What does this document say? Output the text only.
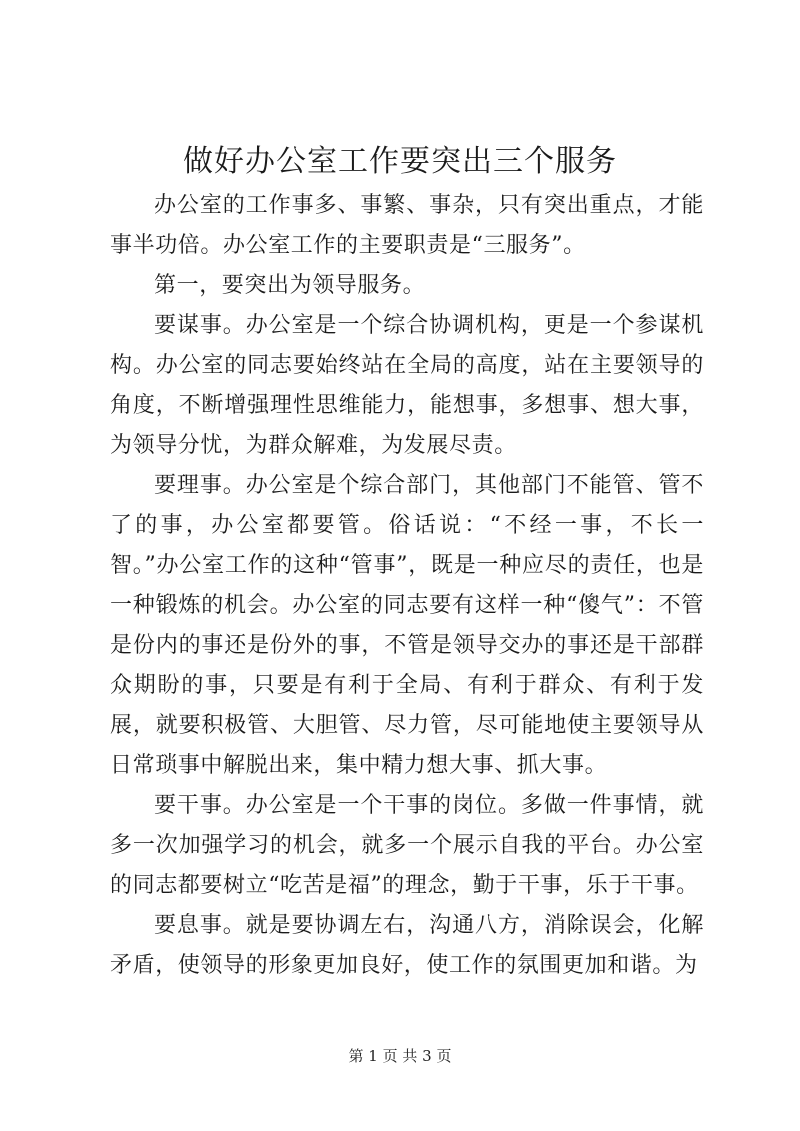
做好办公室工作要突出三个服务

办公室的工作事多、事繁、事杂，只有突出重点，才能事半功倍。办公室工作的主要职责是“三服务”。

第一，要突出为领导服务。

要谋事。办公室是一个综合协调机构，更是一个参谋机构。办公室的同志要始终站在全局的高度，站在主要领导的角度，不断增强理性思维能力，能想事，多想事、想大事，为领导分忧，为群众解难，为发展尽责。

要理事。办公室是个综合部门，其他部门不能管、管不了的事，办公室都要管。俗话说：“不经一事，不长一智。”办公室工作的这种“管事”，既是一种应尽的责任，也是一种锻炼的机会。办公室的同志要有这样一种“傻气”：不管是份内的事还是份外的事，不管是领导交办的事还是干部群众期盼的事，只要是有利于全局、有利于群众、有利于发展，就要积极管、大胆管、尽力管，尽可能地使主要领导从日常琐事中解脱出来，集中精力想大事、抓大事。

要干事。办公室是一个干事的岗位。多做一件事情，就多一次加强学习的机会，就多一个展示自我的平台。办公室的同志都要树立“吃苦是福”的理念，勤于干事，乐于干事。

要息事。就是要协调左右，沟通八方，消除误会，化解矛盾，使领导的形象更加良好，使工作的氛围更加和谐。为

第 1 页 共 3 页
